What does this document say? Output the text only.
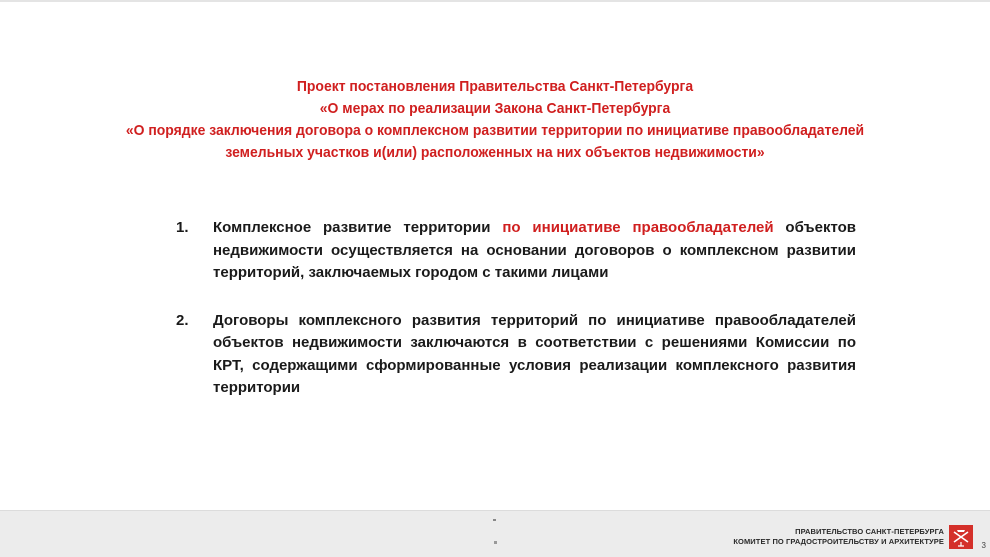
Проект постановления Правительства Санкт-Петербурга
«О мерах по реализации Закона Санкт-Петербурга
«О порядке заключения договора о комплексном развитии территории по инициативе правообладателей
земельных участков и(или) расположенных на них объектов недвижимости»
1. Комплексное развитие территории по инициативе правообладателей объектов недвижимости осуществляется на основании договоров о комплексном развитии территорий, заключаемых городом с такими лицами
2. Договоры комплексного развития территорий по инициативе правообладателей объектов недвижимости заключаются в соответствии с решениями Комиссии по КРТ, содержащими сформированные условия реализации комплексного развития территории
ПРАВИТЕЛЬСТВО САНКТ-ПЕТЕРБУРГА
КОМИТЕТ ПО ГРАДОСТРОИТЕЛЬСТВУ И АРХИТЕКТУРЕ	3
